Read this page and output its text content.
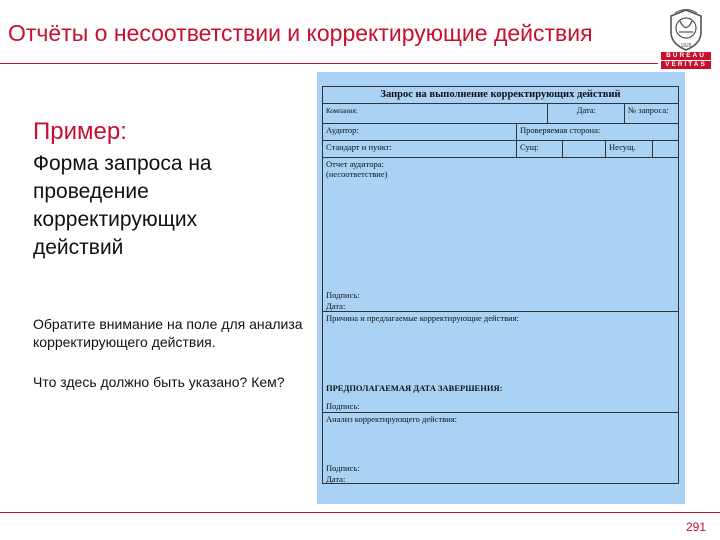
Отчёты о несоответствии и корректирующие действия	1828
BUREAU
VERITAS
Пример:
Форма запроса на проведение корректирующих действий
Обратите внимание на поле для анализа корректирующего действия.
Что здесь должно быть указано? Кем?
Запрос на выполнение корректирующих действий
Компания:	Дата:	№ запроса:
Аудитор:	Проверяемая сторона:
Стандарт и пункт:	Сущ:	Несущ.
Отчет аудитора:
(несоответствие)
Подпись:
Дата:
Причина и предлагаемые корректирующие действия:
ПРЕДПОЛАГАЕМАЯ ДАТА ЗАВЕРШЕНИЯ:
Подпись:
Анализ корректирующего действия:
Подпись:
Дата:
291
